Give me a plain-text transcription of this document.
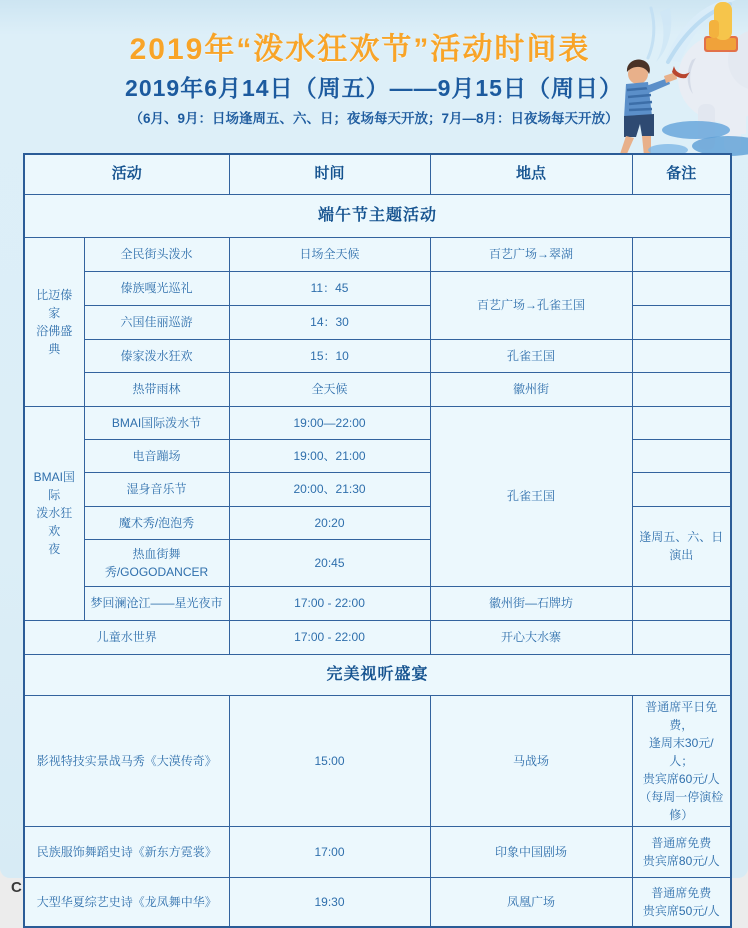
2019年“泼水狂欢节”活动时间表
2019年6月14日（周五）——9月15日（周日）
（6月、9月：日场逢周五、六、日；夜场每天开放；7月—8月：日夜场每天开放）
活动		时间	地点	备注
端午节主题活动				
比迈傣家
浴佛盛典	全民街头泼水	日场全天候	百艺广场→翠湖	
	傣族嘎光巡礼	11：45	百艺广场→孔雀王国	
	六国佳丽巡游	14：30		
	傣家泼水狂欢	15：10	孔雀王国	
	热带雨林	全天候	徽州街	
BMAI国际
泼水狂欢
夜	BMAI国际泼水节	19:00—22:00	孔雀王国	
	电音蹦场	19:00、21:00		
	湿身音乐节	20:00、21:30		
	魔术秀/泡泡秀	20:20		逢周五、六、日演出
	热血街舞
秀/GOGODANCER	20:45		
	梦回澜沧江——星光夜市	17:00 - 22:00	徽州街—石牌坊	
儿童水世界		17:00 - 22:00	开心大水寨	
完美视听盛宴				
影视特技实景战马秀《大漠传奇》		15:00	马战场	普通席平日免费，
逢周末30元/人；
贵宾席60元/人
（每周一停演检修）
民族服饰舞蹈史诗《新东方霓裳》		17:00	印象中国剧场	普通席免费
贵宾席80元/人
大型华夏综艺史诗《龙凤舞中华》		19:30	凤凰广场	普通席免费
贵宾席50元/人
C
